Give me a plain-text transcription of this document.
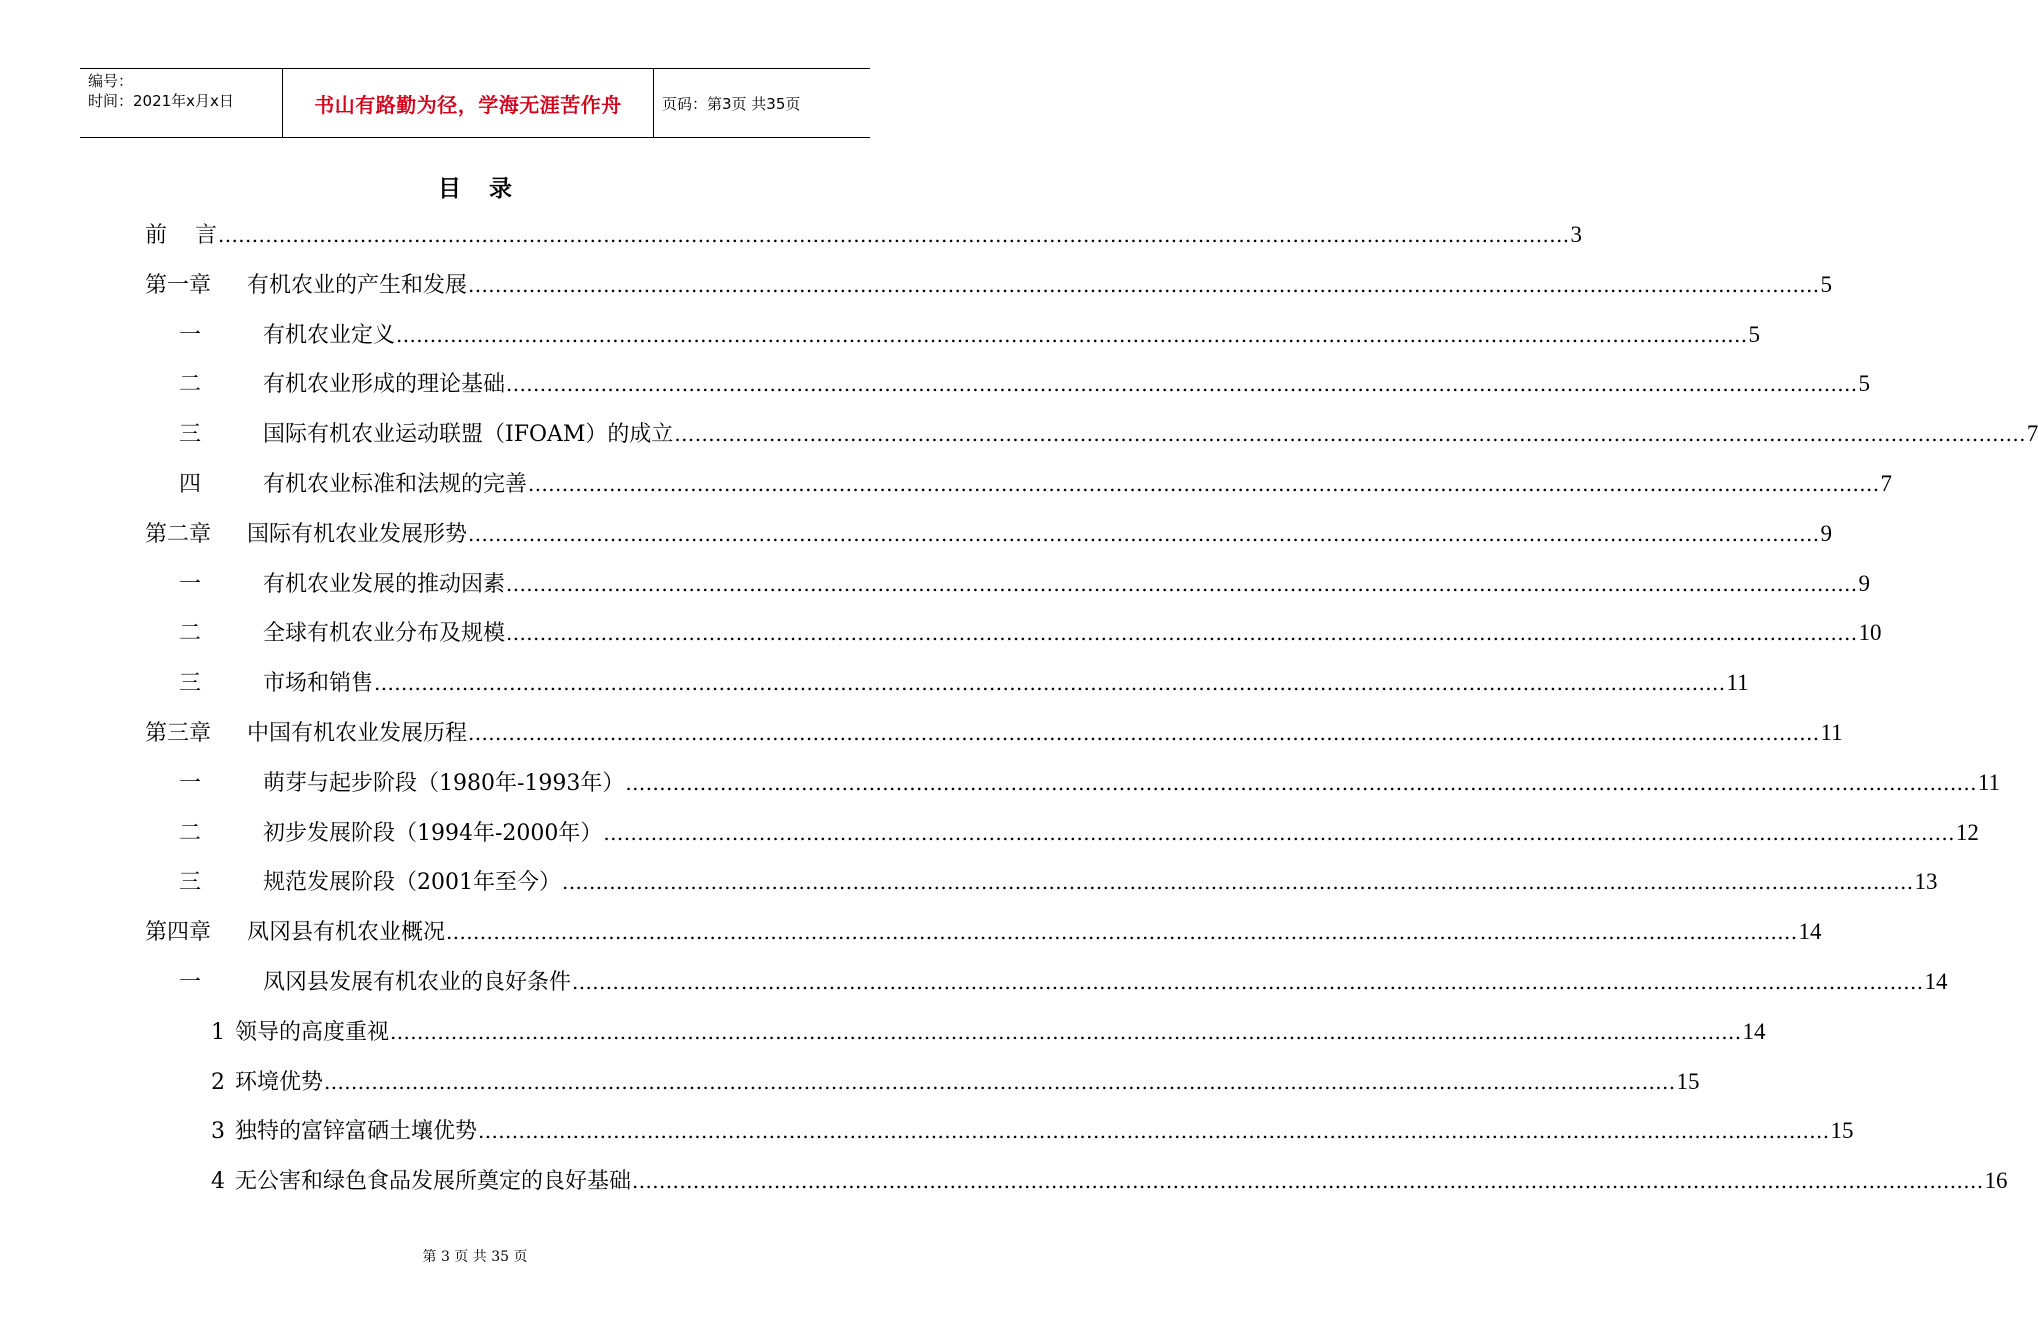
编号：
时间：2021年x月x日	书山有路勤为径，学海无涯苦作舟	页码：第3页 共35页
目录
前	言 ........................................................................................................................................................................................................ 3
第一章	有机农业的产生和发展 ........................................................................................................................................................................................................ 5
一	有机农业定义 ........................................................................................................................................................................................................ 5
二	有机农业形成的理论基础 ........................................................................................................................................................................................................ 5
三	国际有机农业运动联盟（IFOAM）的成立 ........................................................................................................................................................................................................ 7
四	有机农业标准和法规的完善 ........................................................................................................................................................................................................ 7
第二章	国际有机农业发展形势 ........................................................................................................................................................................................................ 9
一	有机农业发展的推动因素 ........................................................................................................................................................................................................ 9
二	全球有机农业分布及规模 ........................................................................................................................................................................................................ 10
三	市场和销售 ........................................................................................................................................................................................................ 11
第三章	中国有机农业发展历程 ........................................................................................................................................................................................................ 11
一	萌芽与起步阶段（1980年-1993年） ........................................................................................................................................................................................................ 11
二	初步发展阶段（1994年-2000年） ........................................................................................................................................................................................................ 12
三	规范发展阶段（2001年至今） ........................................................................................................................................................................................................ 13
第四章	凤冈县有机农业概况 ........................................................................................................................................................................................................ 14
一	凤冈县发展有机农业的良好条件 ........................................................................................................................................................................................................ 14
1 领导的高度重视 ........................................................................................................................................................................................................ 14
2 环境优势 ........................................................................................................................................................................................................ 15
3 独特的富锌富硒土壤优势 ........................................................................................................................................................................................................ 15
4 无公害和绿色食品发展所奠定的良好基础 ........................................................................................................................................................................................................ 16
第 3 页 共 35 页
